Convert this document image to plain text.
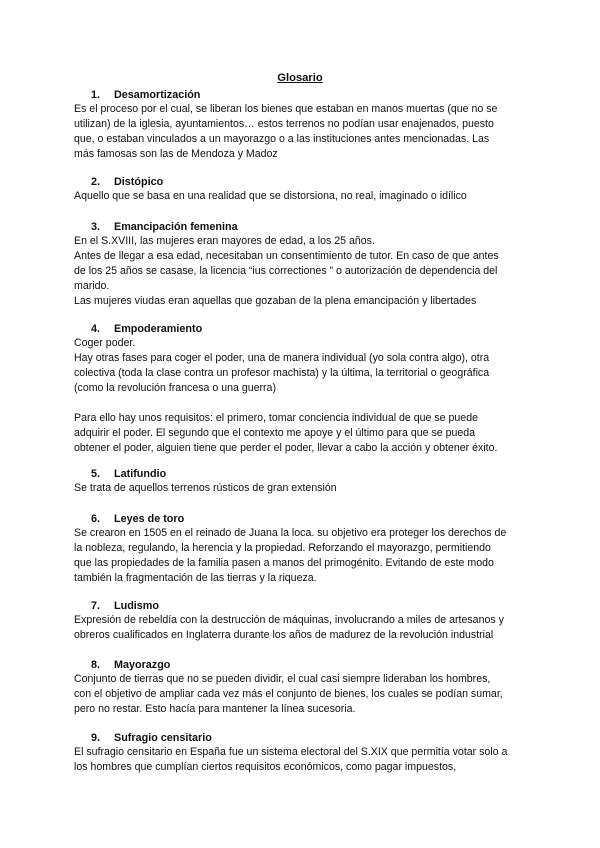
Glosario
1. Desamortización
Es el proceso por el cual, se liberan los bienes que estaban en manos muertas (que no se
utilizan) de la iglesia, ayuntamientos… estos terrenos no podían usar enajenados, puesto
que, o estaban vinculados a un mayorazgo o a las instituciones antes mencionadas. Las
más famosas son las de Mendoza y Madoz
2. Distópico
Aquello que se basa en una realidad que se distorsiona, no real, imaginado o idílico
3. Emancipación femenina
En el S.XVIII, las mujeres eran mayores de edad, a los 25 años.
Antes de llegar a esa edad, necesitaban un consentimiento de tutor. En caso de que antes
de los 25 años se casase, la licencia “ius correctiones ” o autorización de dependencia del
marido.
Las mujeres viudas eran aquellas que gozaban de la plena emancipación y libertades
4. Empoderamiento
Coger poder.
Hay otras fases para coger el poder, una de manera individual (yo sola contra algo), otra
colectiva (toda la clase contra un profesor machista) y la última, la territorial o geográfica
(como la revolución francesa o una guerra)
Para ello hay unos requisitos: el primero, tomar conciencia individual de que se puede
adquirir el poder. El segundo que el contexto me apoye y el último para que se pueda
obtener el poder, alguien tiene que perder el poder, llevar a cabo la acción y obtener éxito.
5. Latifundio
Se trata de aquellos terrenos rústicos de gran extensión
6. Leyes de toro
Se crearon en 1505 en el reinado de Juana la loca. su objetivo era proteger los derechos de
la nobleza, regulando, la herencia y la propiedad. Reforzando el mayorazgo, permitiendo
que las propiedades de la familia pasen a manos del primogénito. Evitando de este modo
también la fragmentación de las tierras y la riqueza.
7. Ludismo
Expresión de rebeldía con la destrucción de máquinas, involucrando a miles de artesanos y
obreros cualificados en Inglaterra durante los años de madurez de la revolución industrial
8. Mayorazgo
Conjunto de tierras que no se pueden dividir, el cual casi siempre lideraban los hombres,
con el objetivo de ampliar cada vez más el conjunto de bienes, los cuales se podían sumar,
pero no restar. Esto hacía para mantener la línea sucesoria.
9. Sufragio censitario
El sufragio censitario en España fue un sistema electoral del S.XIX que permitía votar solo a
los hombres que cumplían ciertos requisitos económicos, como pagar impuestos,
